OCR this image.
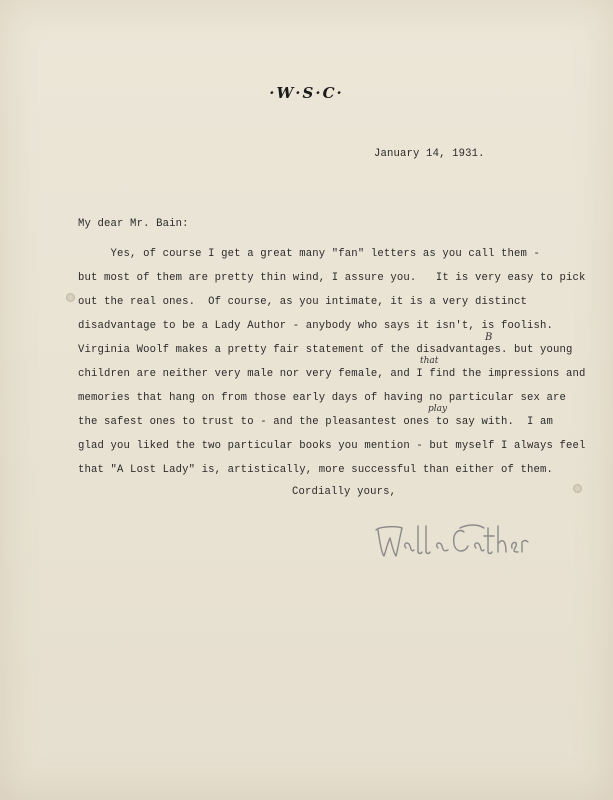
·W·S·C·
January 14, 1931.
My dear Mr. Bain:
Yes, of course I get a great many "fan" letters as you call them -
but most of them are pretty thin wind, I assure you.   It is very easy to pick
out the real ones.  Of course, as you intimate, it is a very distinct
disadvantage to be a Lady Author - anybody who says it isn't, is foolish.
Virginia Woolf makes a pretty fair statement of the disadvantages. but young
children are neither very male nor very female, and I find the impressions and
memories that hang on from those early days of having no particular sex are
the safest ones to trust to - and the pleasantest ones to say with.  I am
glad you liked the two particular books you mention - but myself I always feel
that "A Lost Lady" is, artistically, more successful than either of them.
B
that
play
Cordially yours,
